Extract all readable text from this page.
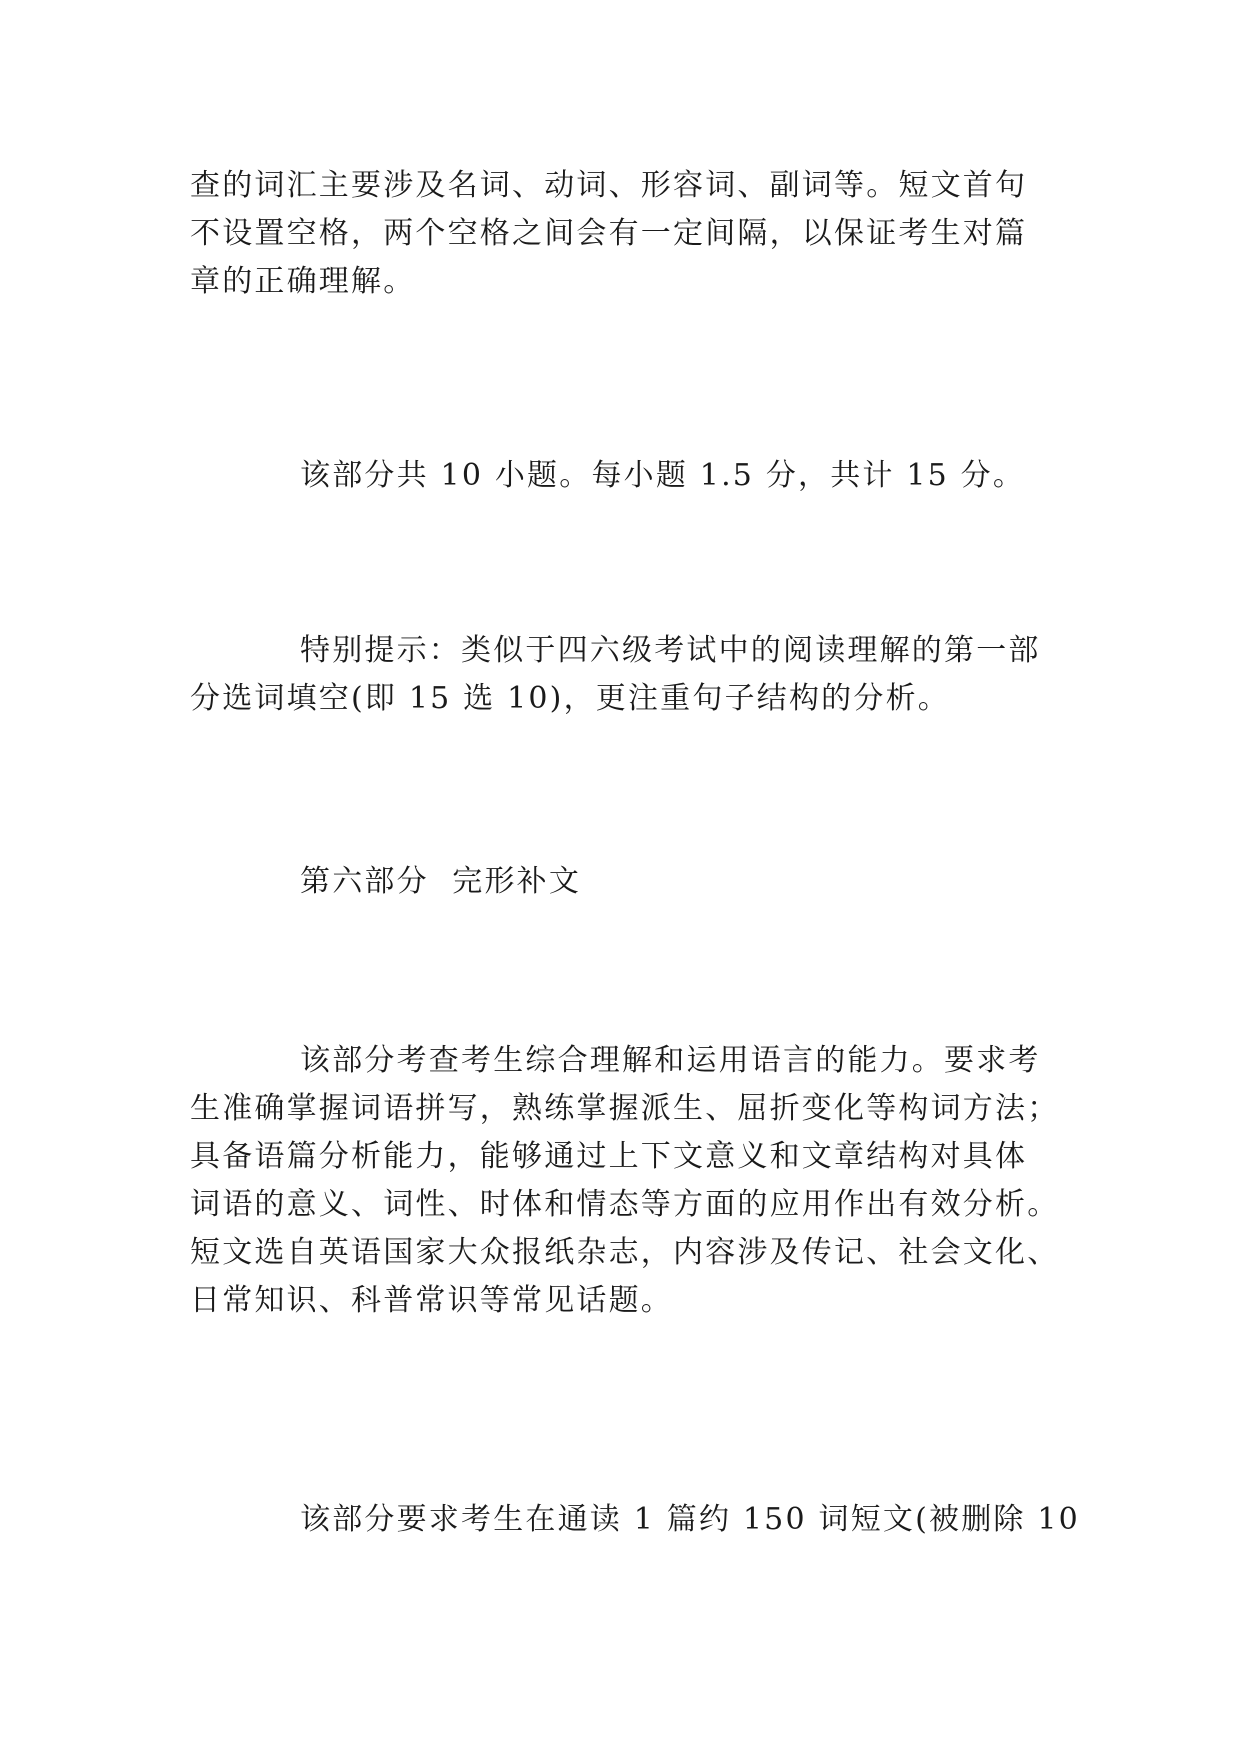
查的词汇主要涉及名词、动词、形容词、副词等。短文首句
不设置空格，两个空格之间会有一定间隔，以保证考生对篇
章的正确理解。
该部分共 10 小题。每小题 1.5 分，共计 15 分。
特别提示：类似于四六级考试中的阅读理解的第一部
分选词填空(即 15 选 10)，更注重句子结构的分析。
第六部分  完形补文
该部分考查考生综合理解和运用语言的能力。要求考
生准确掌握词语拼写，熟练掌握派生、屈折变化等构词方法；
具备语篇分析能力，能够通过上下文意义和文章结构对具体
词语的意义、词性、时体和情态等方面的应用作出有效分析。
短文选自英语国家大众报纸杂志，内容涉及传记、社会文化、
日常知识、科普常识等常见话题。
该部分要求考生在通读 1 篇约 150 词短文(被删除 10
